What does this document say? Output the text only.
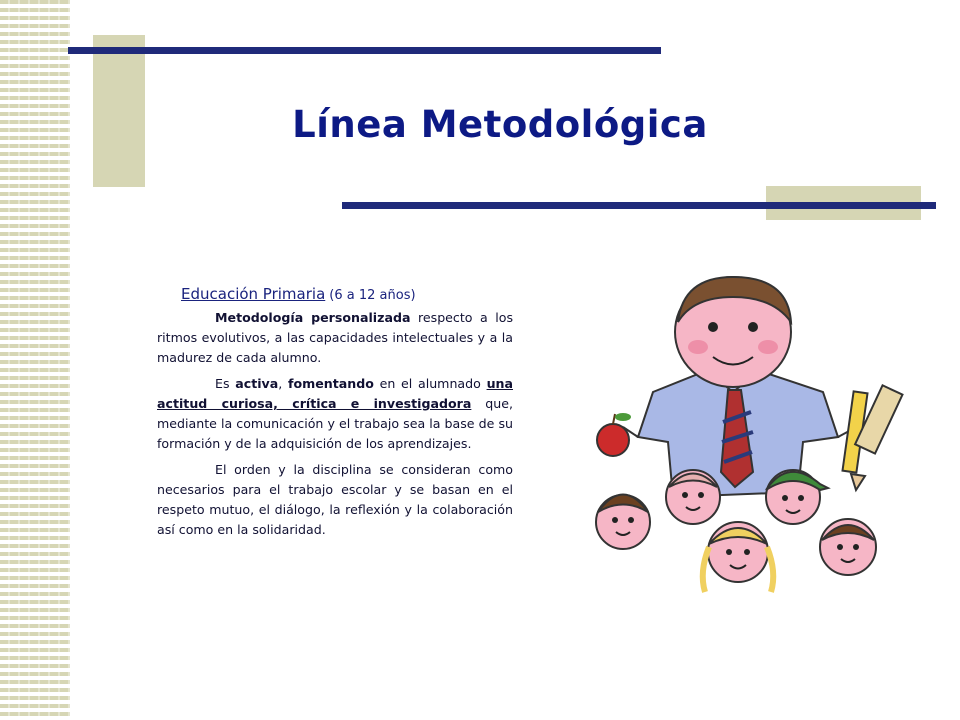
Línea Metodológica
Educación Primaria (6 a 12 años)

Metodología personalizada respecto a los ritmos evolutivos, a las capacidades intelectuales y a la madurez de cada alumno.

Es activa, fomentando en el alumnado una actitud curiosa, crítica e investigadora que, mediante la comunicación y el trabajo sea la base de su formación y de la adquisición de los aprendizajes.

El orden y la disciplina se consideran como necesarios para el trabajo escolar y se basan en el respeto mutuo, el diálogo, la reflexión y la colaboración así como en la solidaridad.
